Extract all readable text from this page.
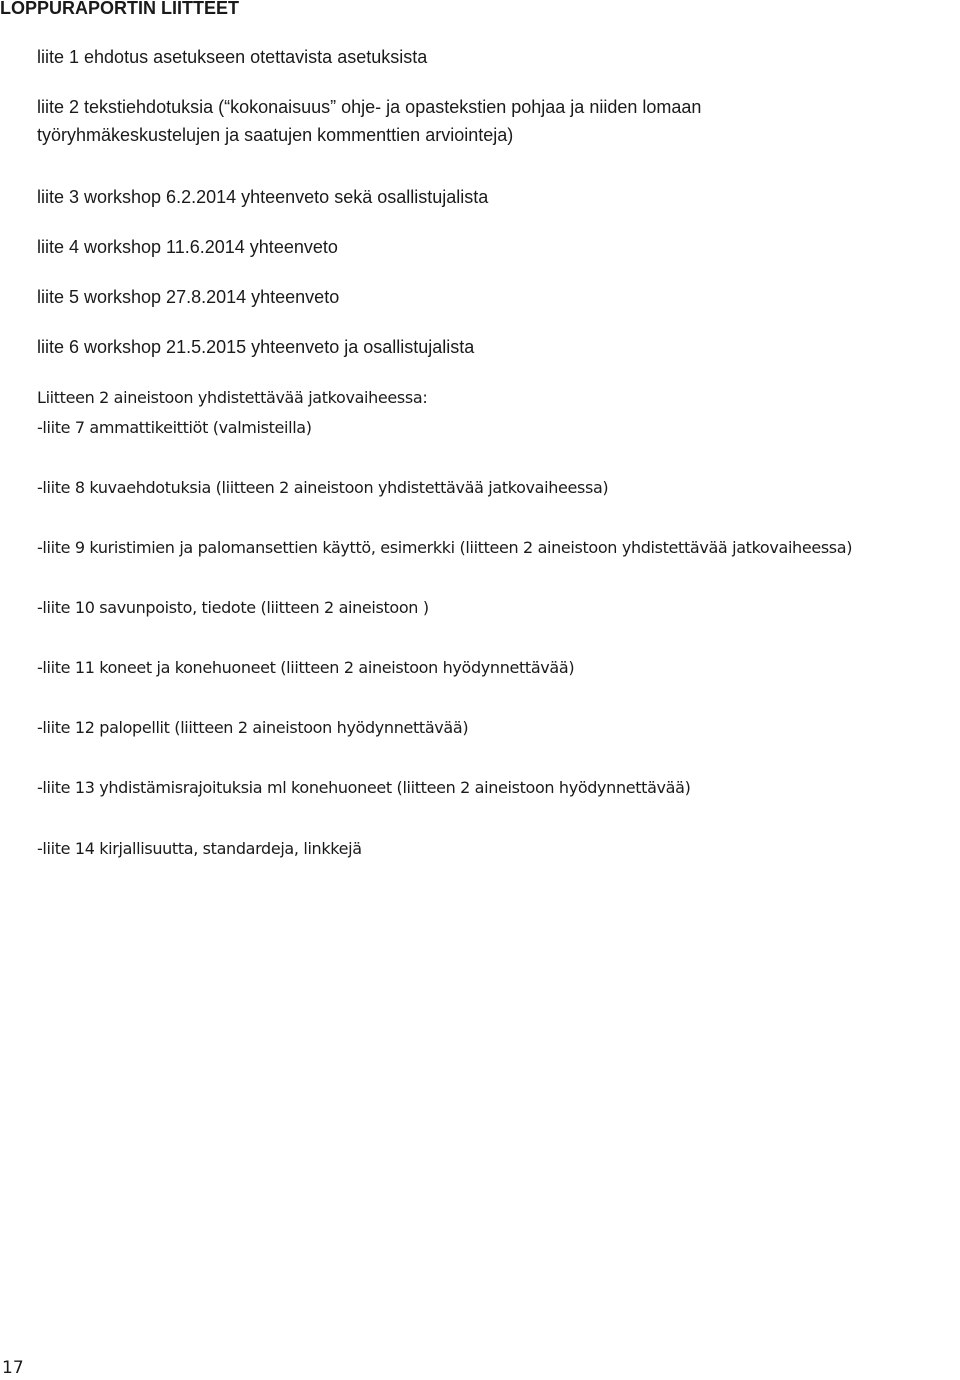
LOPPURAPORTIN LIITTEET
liite 1 ehdotus asetukseen otettavista asetuksista
liite 2 tekstiehdotuksia (“kokonaisuus” ohje- ja opastekstien pohjaa ja niiden lomaan
työryhmäkeskustelujen ja saatujen kommenttien arviointeja)
liite 3 workshop 6.2.2014 yhteenveto sekä osallistujalista
liite 4 workshop 11.6.2014 yhteenveto
liite 5 workshop 27.8.2014 yhteenveto
liite 6 workshop 21.5.2015 yhteenveto ja osallistujalista
Liitteen 2 aineistoon yhdistettävää jatkovaiheessa:
-liite 7 ammattikeittiöt (valmisteilla)
-liite 8 kuvaehdotuksia (liitteen 2 aineistoon yhdistettävää jatkovaiheessa)
-liite 9 kuristimien ja palomansettien käyttö, esimerkki (liitteen 2 aineistoon yhdistettävää jatkovaiheessa)
-liite 10 savunpoisto, tiedote (liitteen 2 aineistoon )
-liite 11 koneet ja konehuoneet (liitteen 2 aineistoon hyödynnettävää)
-liite 12 palopellit (liitteen 2 aineistoon hyödynnettävää)
-liite 13 yhdistämisrajoituksia ml konehuoneet (liitteen 2 aineistoon hyödynnettävää)
-liite 14 kirjallisuutta, standardeja, linkkejä
17
